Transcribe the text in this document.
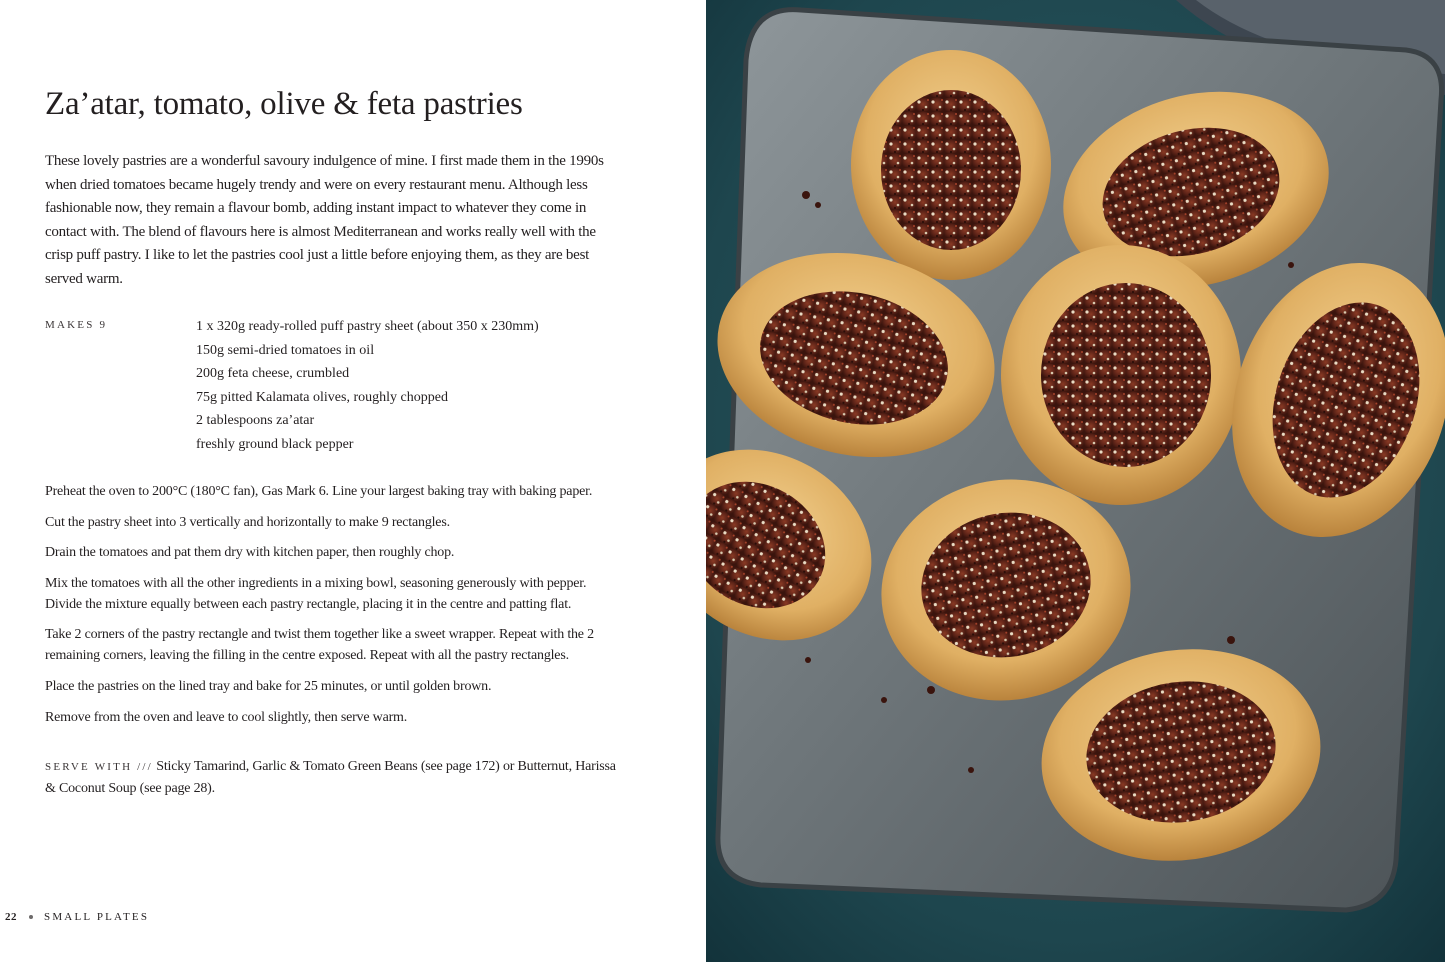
Za’atar, tomato, olive & feta pastries

These lovely pastries are a wonderful savoury indulgence of mine. I first made them in the 1990s when dried tomatoes became hugely trendy and were on every restaurant menu. Although less fashionable now, they remain a flavour bomb, adding instant impact to whatever they come in contact with. The blend of flavours here is almost Mediterranean and works really well with the crisp puff pastry. I like to let the pastries cool just a little before enjoying them, as they are best served warm.

MAKES 9	1 x 320g ready-rolled puff pastry sheet (about 350 x 230mm)
150g semi-dried tomatoes in oil
200g feta cheese, crumbled
75g pitted Kalamata olives, roughly chopped
2 tablespoons za’atar
freshly ground black pepper
Preheat the oven to 200°C (180°C fan), Gas Mark 6. Line your largest baking tray with baking paper.
Cut the pastry sheet into 3 vertically and horizontally to make 9 rectangles.
Drain the tomatoes and pat them dry with kitchen paper, then roughly chop.
Mix the tomatoes with all the other ingredients in a mixing bowl, seasoning generously with pepper. Divide the mixture equally between each pastry rectangle, placing it in the centre and patting flat.
Take 2 corners of the pastry rectangle and twist them together like a sweet wrapper. Repeat with the 2 remaining corners, leaving the filling in the centre exposed. Repeat with all the pastry rectangles.
Place the pastries on the lined tray and bake for 25 minutes, or until golden brown.
Remove from the oven and leave to cool slightly, then serve warm.

SERVE WITH /// Sticky Tamarind, Garlic & Tomato Green Beans (see page 172) or Butternut, Harissa & Coconut Soup (see page 28).

22 SMALL PLATES
